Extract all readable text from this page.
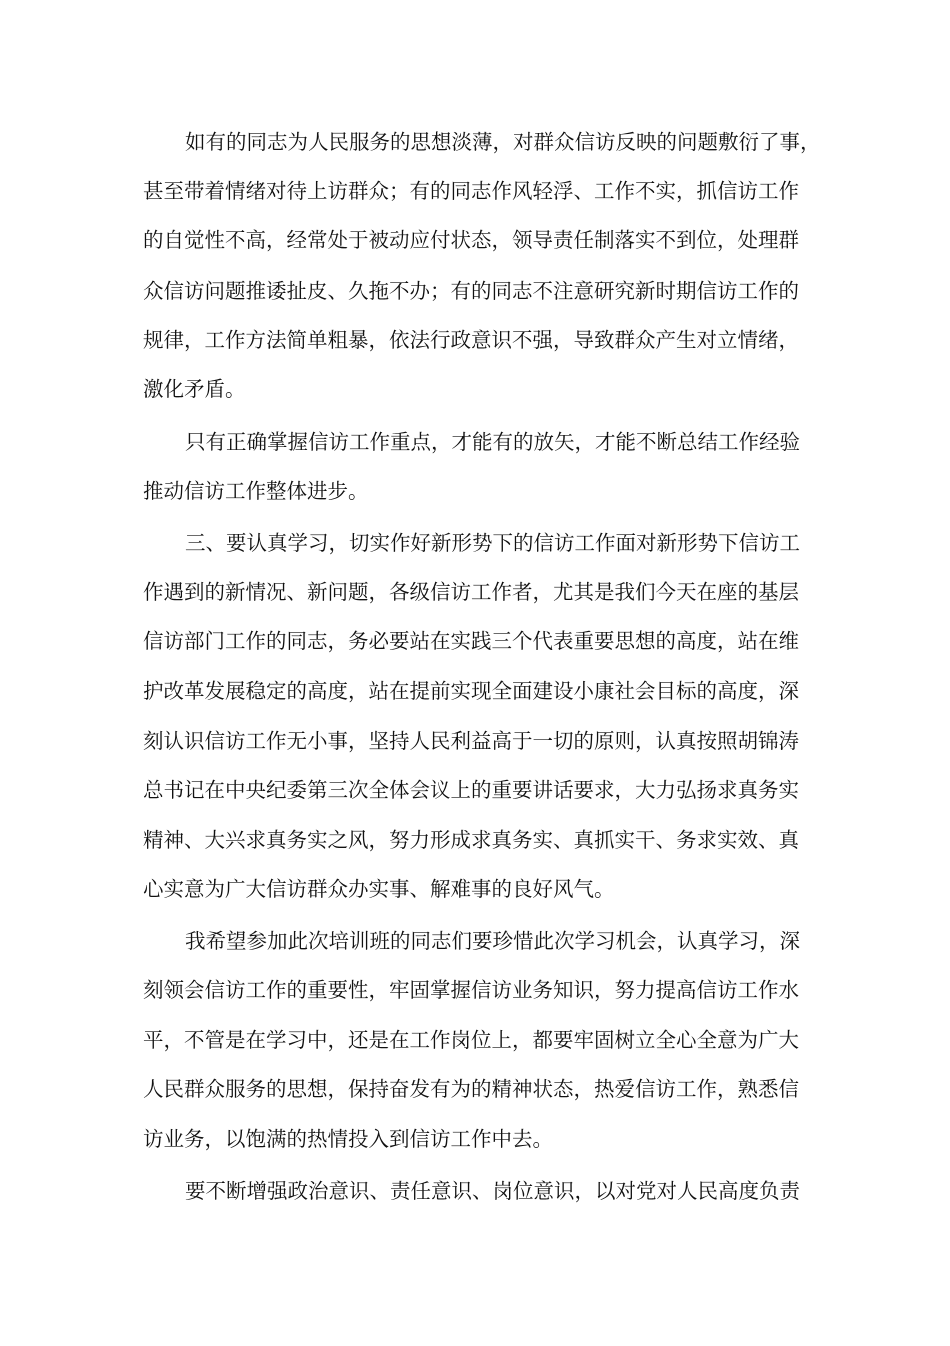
如有的同志为人民服务的思想淡薄，对群众信访反映的问题敷衍了事，
甚至带着情绪对待上访群众；有的同志作风轻浮、工作不实，抓信访工作
的自觉性不高，经常处于被动应付状态，领导责任制落实不到位，处理群
众信访问题推诿扯皮、久拖不办；有的同志不注意研究新时期信访工作的
规律，工作方法简单粗暴，依法行政意识不强，导致群众产生对立情绪，
激化矛盾。
只有正确掌握信访工作重点，才能有的放矢，才能不断总结工作经验
推动信访工作整体进步。
三、要认真学习，切实作好新形势下的信访工作面对新形势下信访工
作遇到的新情况、新问题，各级信访工作者，尤其是我们今天在座的基层
信访部门工作的同志，务必要站在实践三个代表重要思想的高度，站在维
护改革发展稳定的高度，站在提前实现全面建设小康社会目标的高度，深
刻认识信访工作无小事，坚持人民利益高于一切的原则，认真按照胡锦涛
总书记在中央纪委第三次全体会议上的重要讲话要求，大力弘扬求真务实
精神、大兴求真务实之风，努力形成求真务实、真抓实干、务求实效、真
心实意为广大信访群众办实事、解难事的良好风气。
我希望参加此次培训班的同志们要珍惜此次学习机会，认真学习，深
刻领会信访工作的重要性，牢固掌握信访业务知识，努力提高信访工作水
平，不管是在学习中，还是在工作岗位上，都要牢固树立全心全意为广大
人民群众服务的思想，保持奋发有为的精神状态，热爱信访工作，熟悉信
访业务，以饱满的热情投入到信访工作中去。
要不断增强政治意识、责任意识、岗位意识，以对党对人民高度负责
